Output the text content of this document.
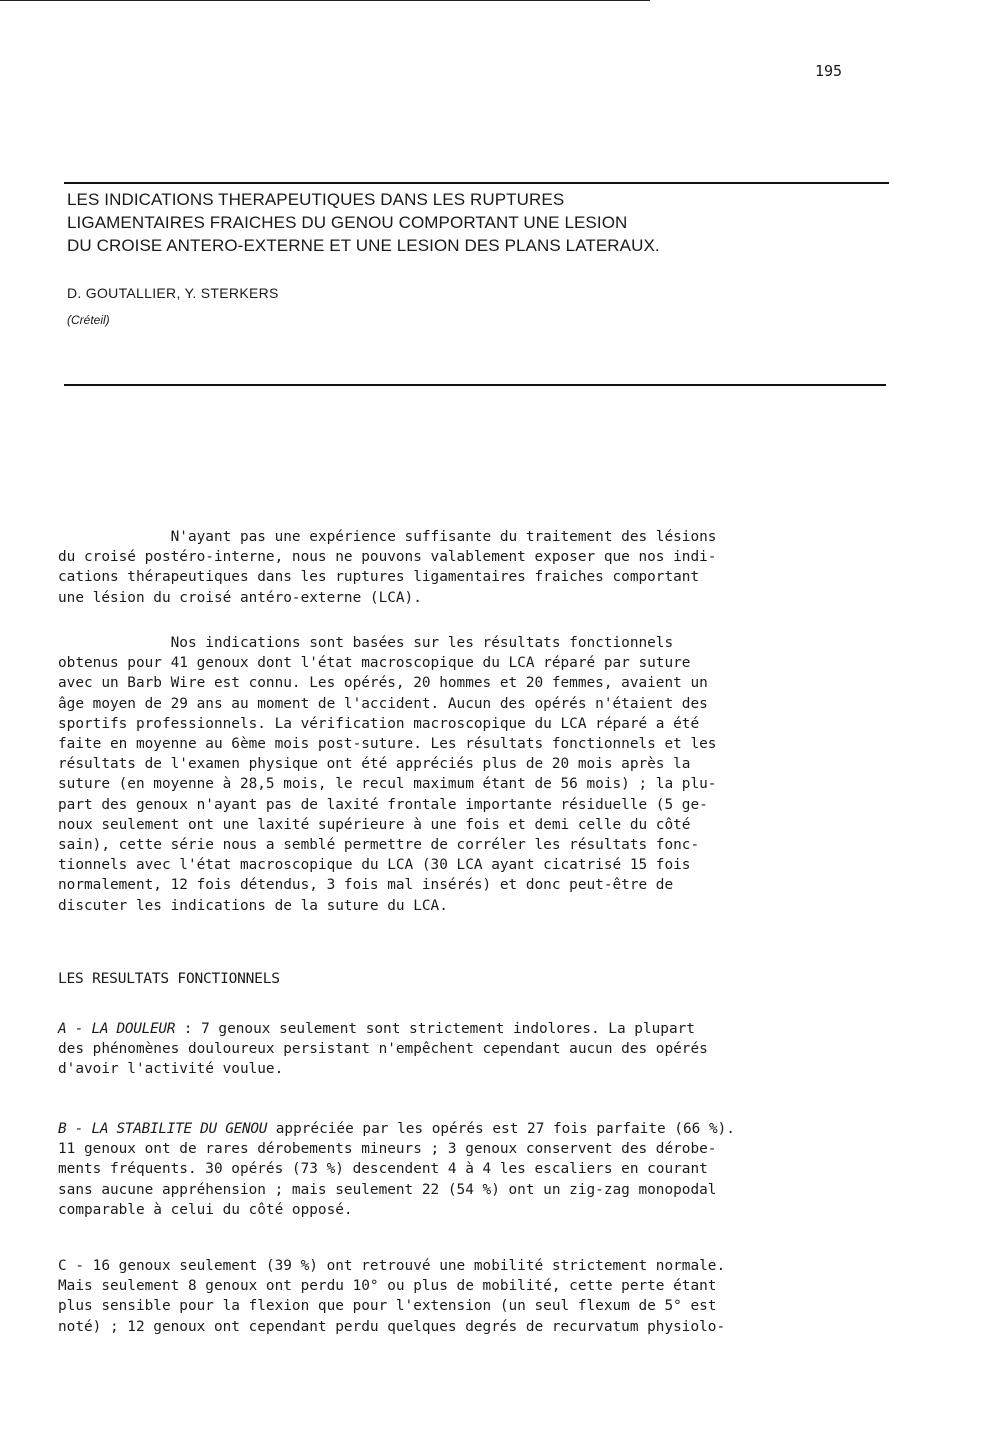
195
LES INDICATIONS THERAPEUTIQUES DANS LES RUPTURES
LIGAMENTAIRES FRAICHES DU GENOU COMPORTANT UNE LESION
DU CROISE ANTERO-EXTERNE ET UNE LESION DES PLANS LATERAUX.
D. GOUTALLIER, Y. STERKERS
(Créteil)
N'ayant pas une expérience suffisante du traitement des lésions
du croisé postéro-interne, nous ne pouvons valablement exposer que nos indi-
cations thérapeutiques dans les ruptures ligamentaires fraiches comportant
une lésion du croisé antéro-externe (LCA).
Nos indications sont basées sur les résultats fonctionnels
obtenus pour 41 genoux dont l'état macroscopique du LCA réparé par suture
avec un Barb Wire est connu. Les opérés, 20 hommes et 20 femmes, avaient un
âge moyen de 29 ans au moment de l'accident. Aucun des opérés n'étaient des
sportifs professionnels. La vérification macroscopique du LCA réparé a été
faite en moyenne au 6ème mois post-suture. Les résultats fonctionnels et les
résultats de l'examen physique ont été appréciés plus de 20 mois après la
suture (en moyenne à 28,5 mois, le recul maximum étant de 56 mois) ; la plu-
part des genoux n'ayant pas de laxité frontale importante résiduelle (5 ge-
noux seulement ont une laxité supérieure à une fois et demi celle du côté
sain), cette série nous a semblé permettre de corréler les résultats fonc-
tionnels avec l'état macroscopique du LCA (30 LCA ayant cicatrisé 15 fois
normalement, 12 fois détendus, 3 fois mal insérés) et donc peut-être de
discuter les indications de la suture du LCA.
LES RESULTATS FONCTIONNELS
A - LA DOULEUR : 7 genoux seulement sont strictement indolores. La plupart
des phénomènes douloureux persistant n'empêchent cependant aucun des opérés
d'avoir l'activité voulue.
B - LA STABILITE DU GENOU appréciée par les opérés est 27 fois parfaite (66 %).
11 genoux ont de rares dérobements mineurs ; 3 genoux conservent des dérobe-
ments fréquents. 30 opérés (73 %) descendent 4 à 4 les escaliers en courant
sans aucune appréhension ; mais seulement 22 (54 %) ont un zig-zag monopodal
comparable à celui du côté opposé.
C - 16 genoux seulement (39 %) ont retrouvé une mobilité strictement normale.
Mais seulement 8 genoux ont perdu 10° ou plus de mobilité, cette perte étant
plus sensible pour la flexion que pour l'extension (un seul flexum de 5° est
noté) ; 12 genoux ont cependant perdu quelques degrés de recurvatum physiolo-
